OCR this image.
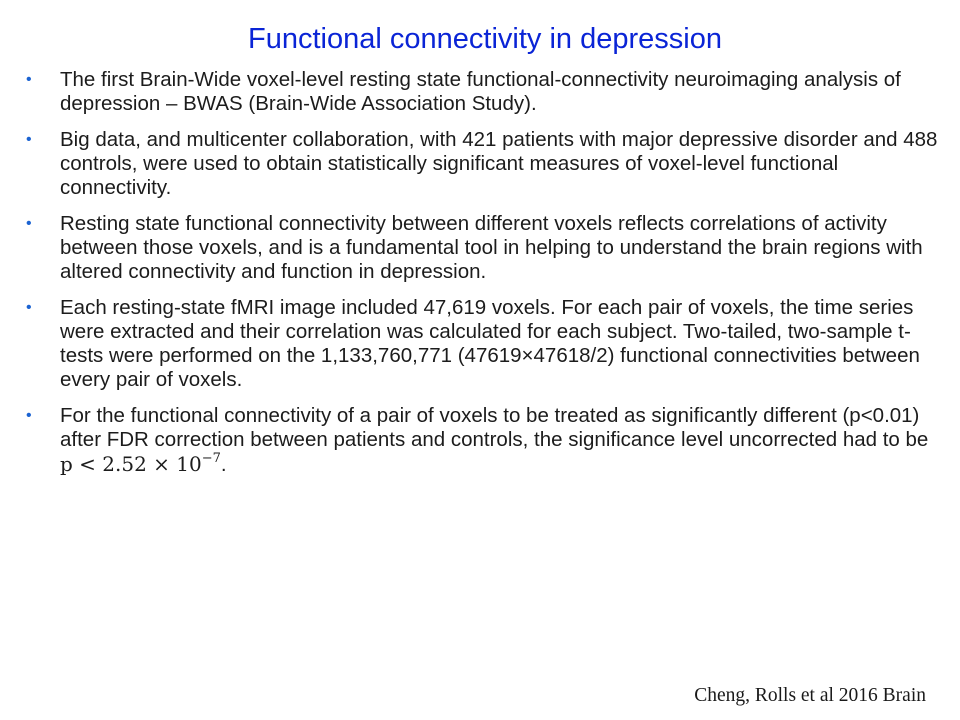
Functional connectivity in depression
•	The first Brain-Wide voxel-level resting state functional-connectivity neuroimaging analysis of depression – BWAS (Brain-Wide Association Study).
•	Big data, and multicenter collaboration, with 421 patients with major depressive disorder and 488 controls, were used to obtain statistically significant measures of voxel-level functional connectivity.
•	Resting state functional connectivity between different voxels reflects correlations of activity between those voxels, and is a fundamental tool in helping to understand the brain regions with altered connectivity and function in depression.
•	Each resting-state fMRI image included 47,619 voxels. For each pair of voxels, the time series were extracted and their correlation was calculated for each subject. Two-tailed, two-sample t-tests were performed on the 1,133,760,771 (47619×47618/2) functional connectivities between every pair of voxels.
•	For the functional connectivity of a pair of voxels to be treated as significantly different (p<0.01) after FDR correction between patients and controls, the significance level uncorrected had to be $p < 2.52 \times 10^{-7}$.
Cheng, Rolls et al 2016 Brain
